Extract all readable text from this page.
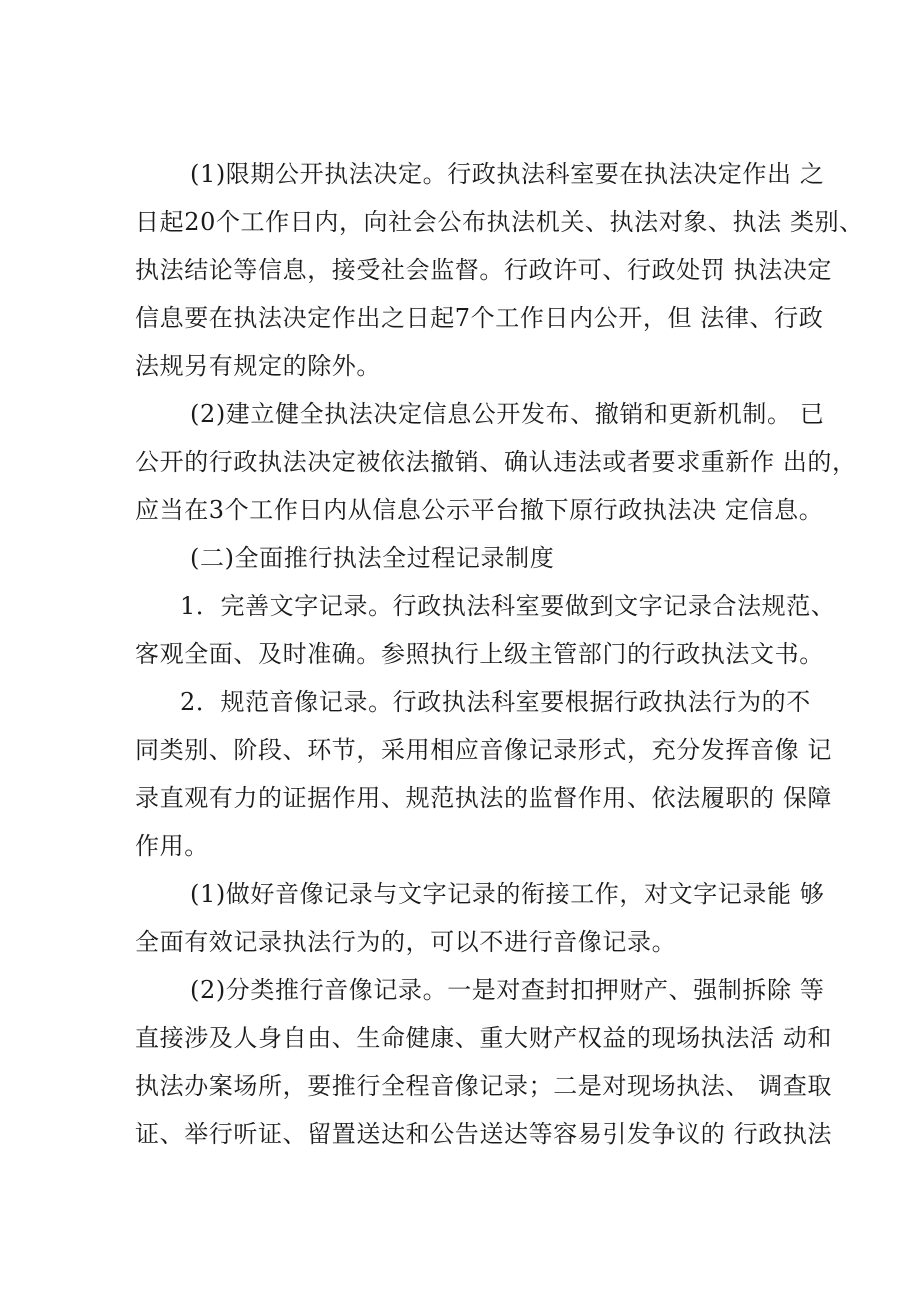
(1)限期公开执法决定。行政执法科室要在执法决定作出 之
日起20个工作日内，向社会公布执法机关、执法对象、执法 类别、
执法结论等信息，接受社会监督。行政许可、行政处罚 执法决定
信息要在执法决定作出之日起7个工作日内公开，但 法律、行政
法规另有规定的除外。
(2)建立健全执法决定信息公开发布、撤销和更新机制。 已
公开的行政执法决定被依法撤销、确认违法或者要求重新作 出的，
应当在3个工作日内从信息公示平台撤下原行政执法决 定信息。
(二)全面推行执法全过程记录制度
1．完善文字记录。行政执法科室要做到文字记录合法规范、
客观全面、及时准确。参照执行上级主管部门的行政执法文书。
2．规范音像记录。行政执法科室要根据行政执法行为的不
同类别、阶段、环节，采用相应音像记录形式，充分发挥音像 记
录直观有力的证据作用、规范执法的监督作用、依法履职的 保障
作用。
(1)做好音像记录与文字记录的衔接工作，对文字记录能 够
全面有效记录执法行为的，可以不进行音像记录。
(2)分类推行音像记录。一是对查封扣押财产、强制拆除 等
直接涉及人身自由、生命健康、重大财产权益的现场执法活 动和
执法办案场所，要推行全程音像记录；二是对现场执法、 调查取
证、举行听证、留置送达和公告送达等容易引发争议的 行政执法
